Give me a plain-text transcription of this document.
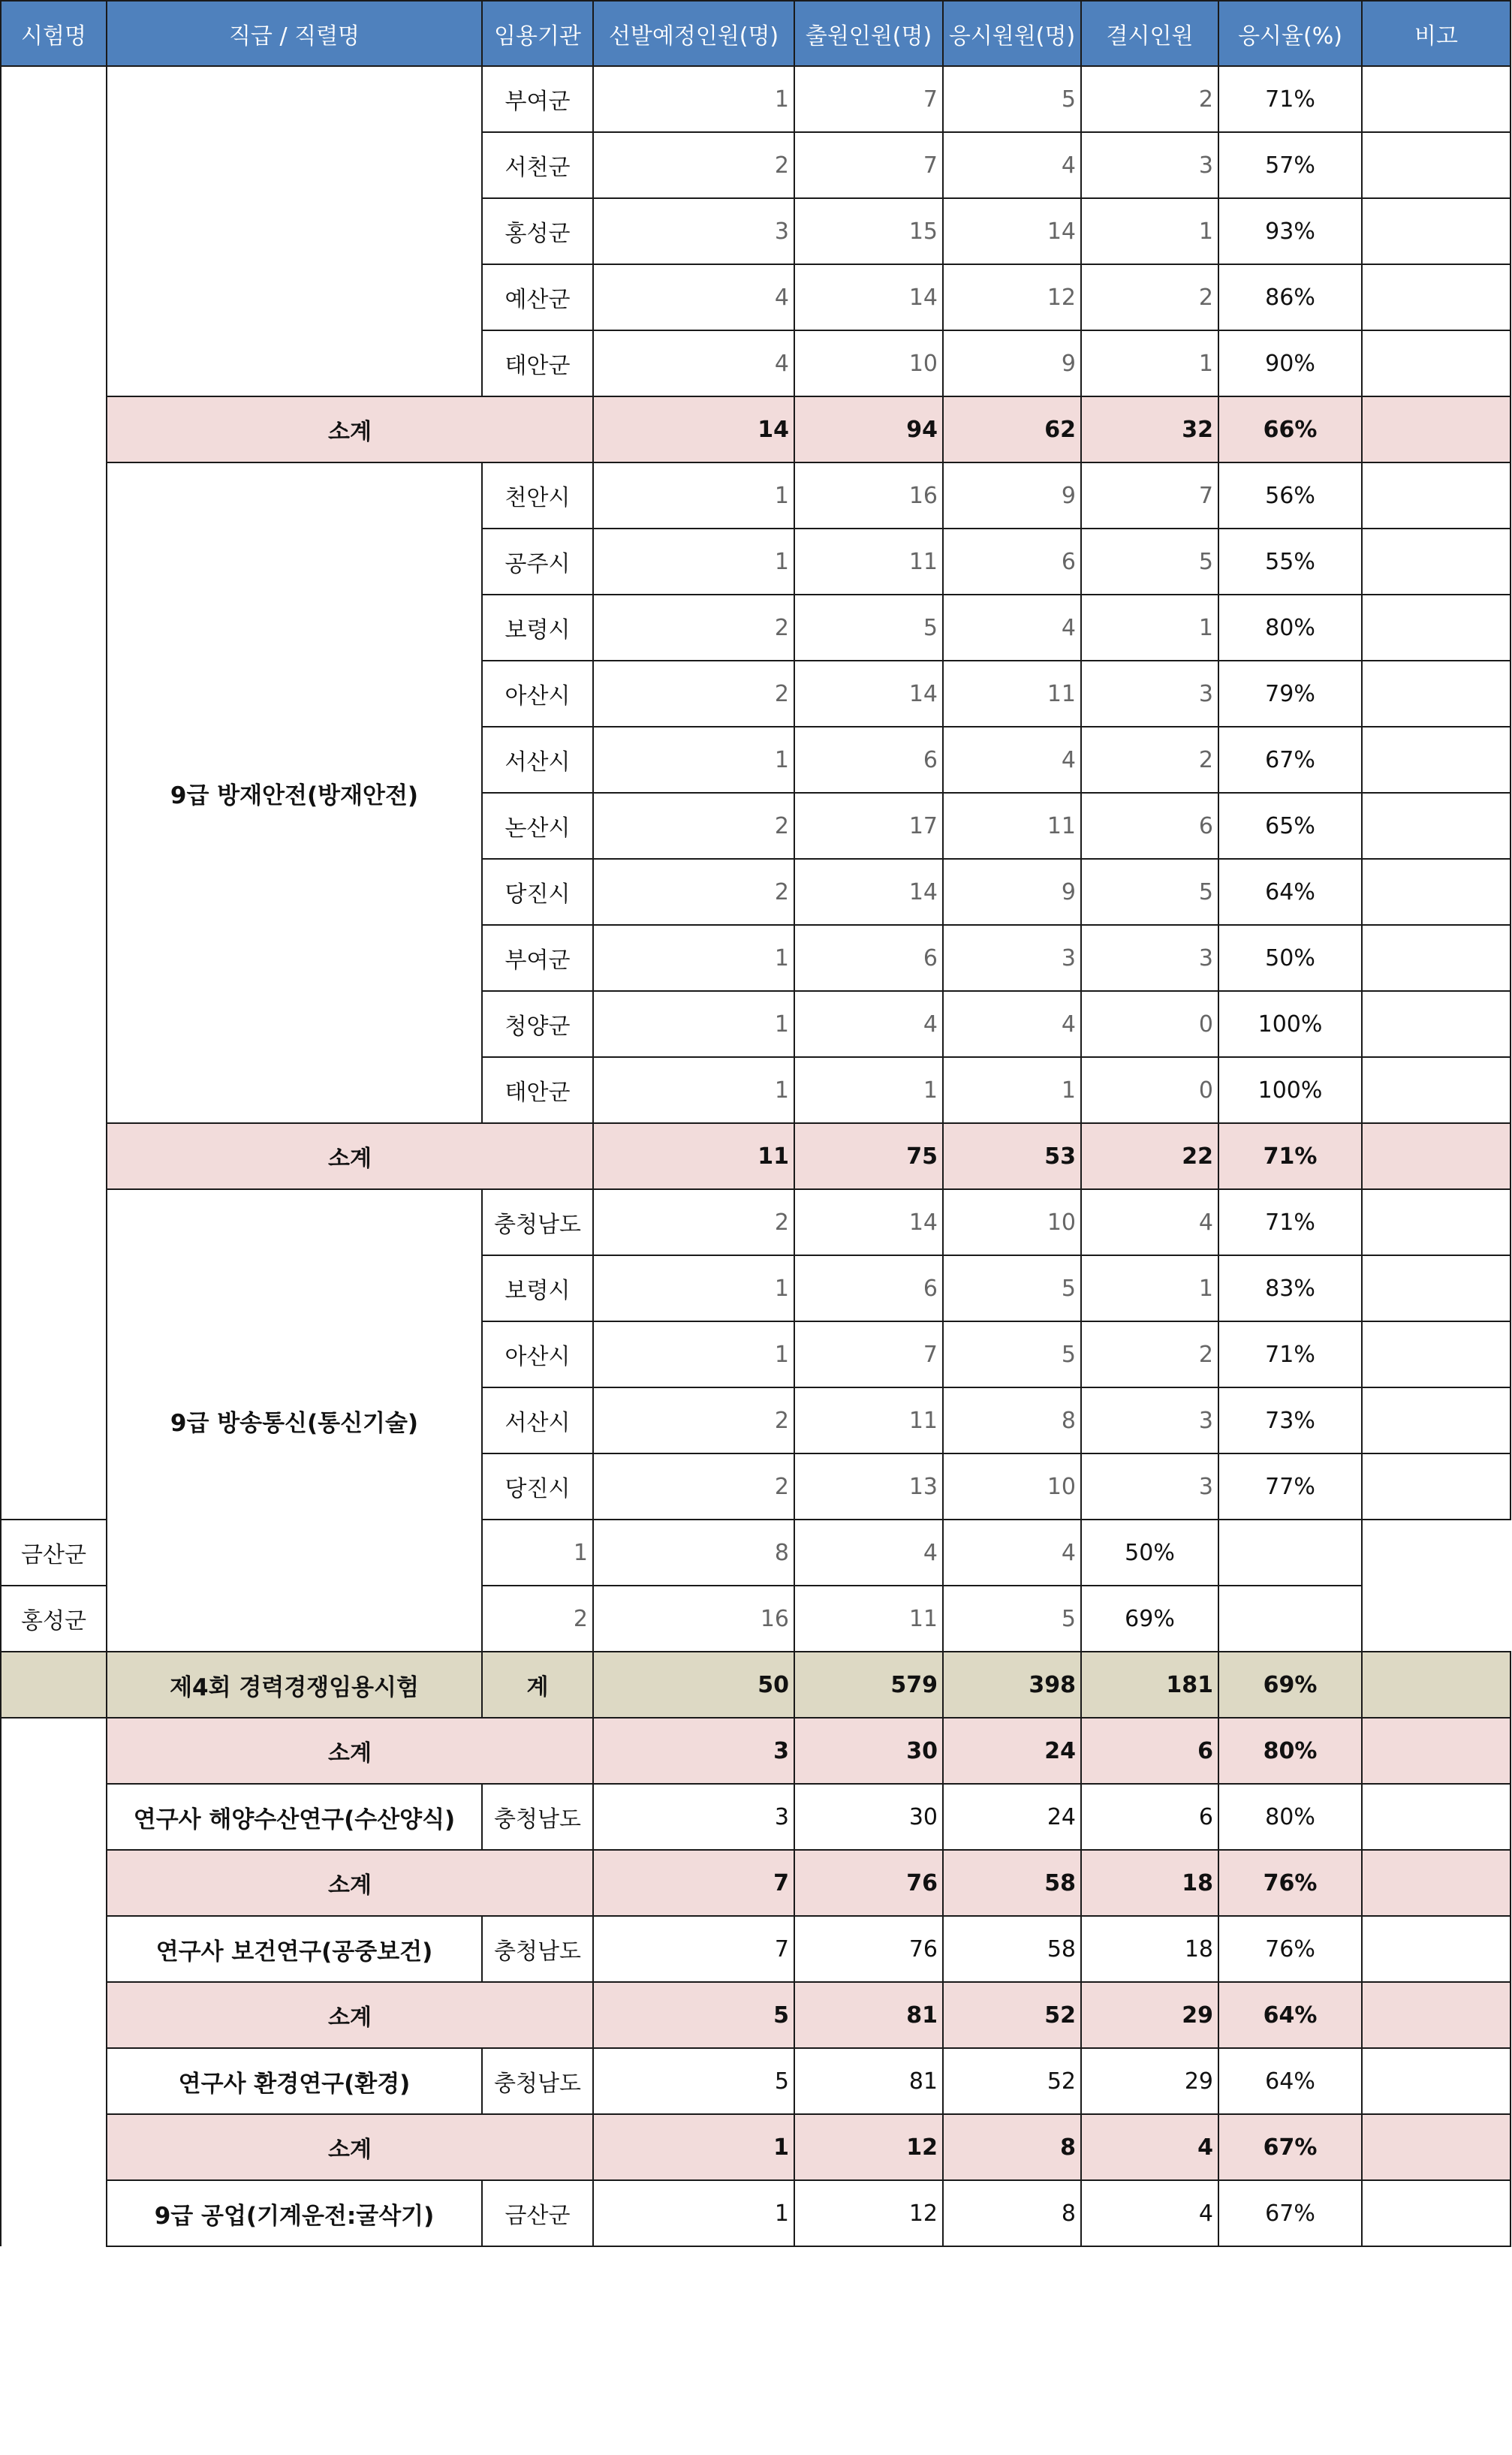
시험명	직급 / 직렬명	임용기관	선발예정인원(명)	출원인원(명)	응시원원(명)	결시인원	응시율(%)	비고
		부여군	1	7	5	2	71%	
		서천군	2	7	4	3	57%	
		홍성군	3	15	14	1	93%	
		예산군	4	14	12	2	86%	
		태안군	4	10	9	1	90%	
	소계		14	94	62	32	66%	
	9급 방재안전(방재안전)	천안시	1	16	9	7	56%	
		공주시	1	11	6	5	55%	
		보령시	2	5	4	1	80%	
		아산시	2	14	11	3	79%	
		서산시	1	6	4	2	67%	
		논산시	2	17	11	6	65%	
		당진시	2	14	9	5	64%	
		부여군	1	6	3	3	50%	
		청양군	1	4	4	0	100%	
		태안군	1	1	1	0	100%	
	소계		11	75	53	22	71%	
	9급 방송통신(통신기술)	충청남도	2	14	10	4	71%	
		보령시	1	6	5	1	83%	
		아산시	1	7	5	2	71%	
		서산시	2	11	8	3	73%	
		당진시	2	13	10	3	77%	
금산군		1	8	4	4	50%		
홍성군		2	16	11	5	69%		
	제4회 경력경쟁임용시험	계	50	579	398	181	69%	
	소계		3	30	24	6	80%	
	연구사 해양수산연구(수산양식)	충청남도	3	30	24	6	80%	
	소계		7	76	58	18	76%	
	연구사 보건연구(공중보건)	충청남도	7	76	58	18	76%	
	소계		5	81	52	29	64%	
	연구사 환경연구(환경)	충청남도	5	81	52	29	64%	
	소계		1	12	8	4	67%	
	9급 공업(기계운전:굴삭기)	금산군	1	12	8	4	67%	
